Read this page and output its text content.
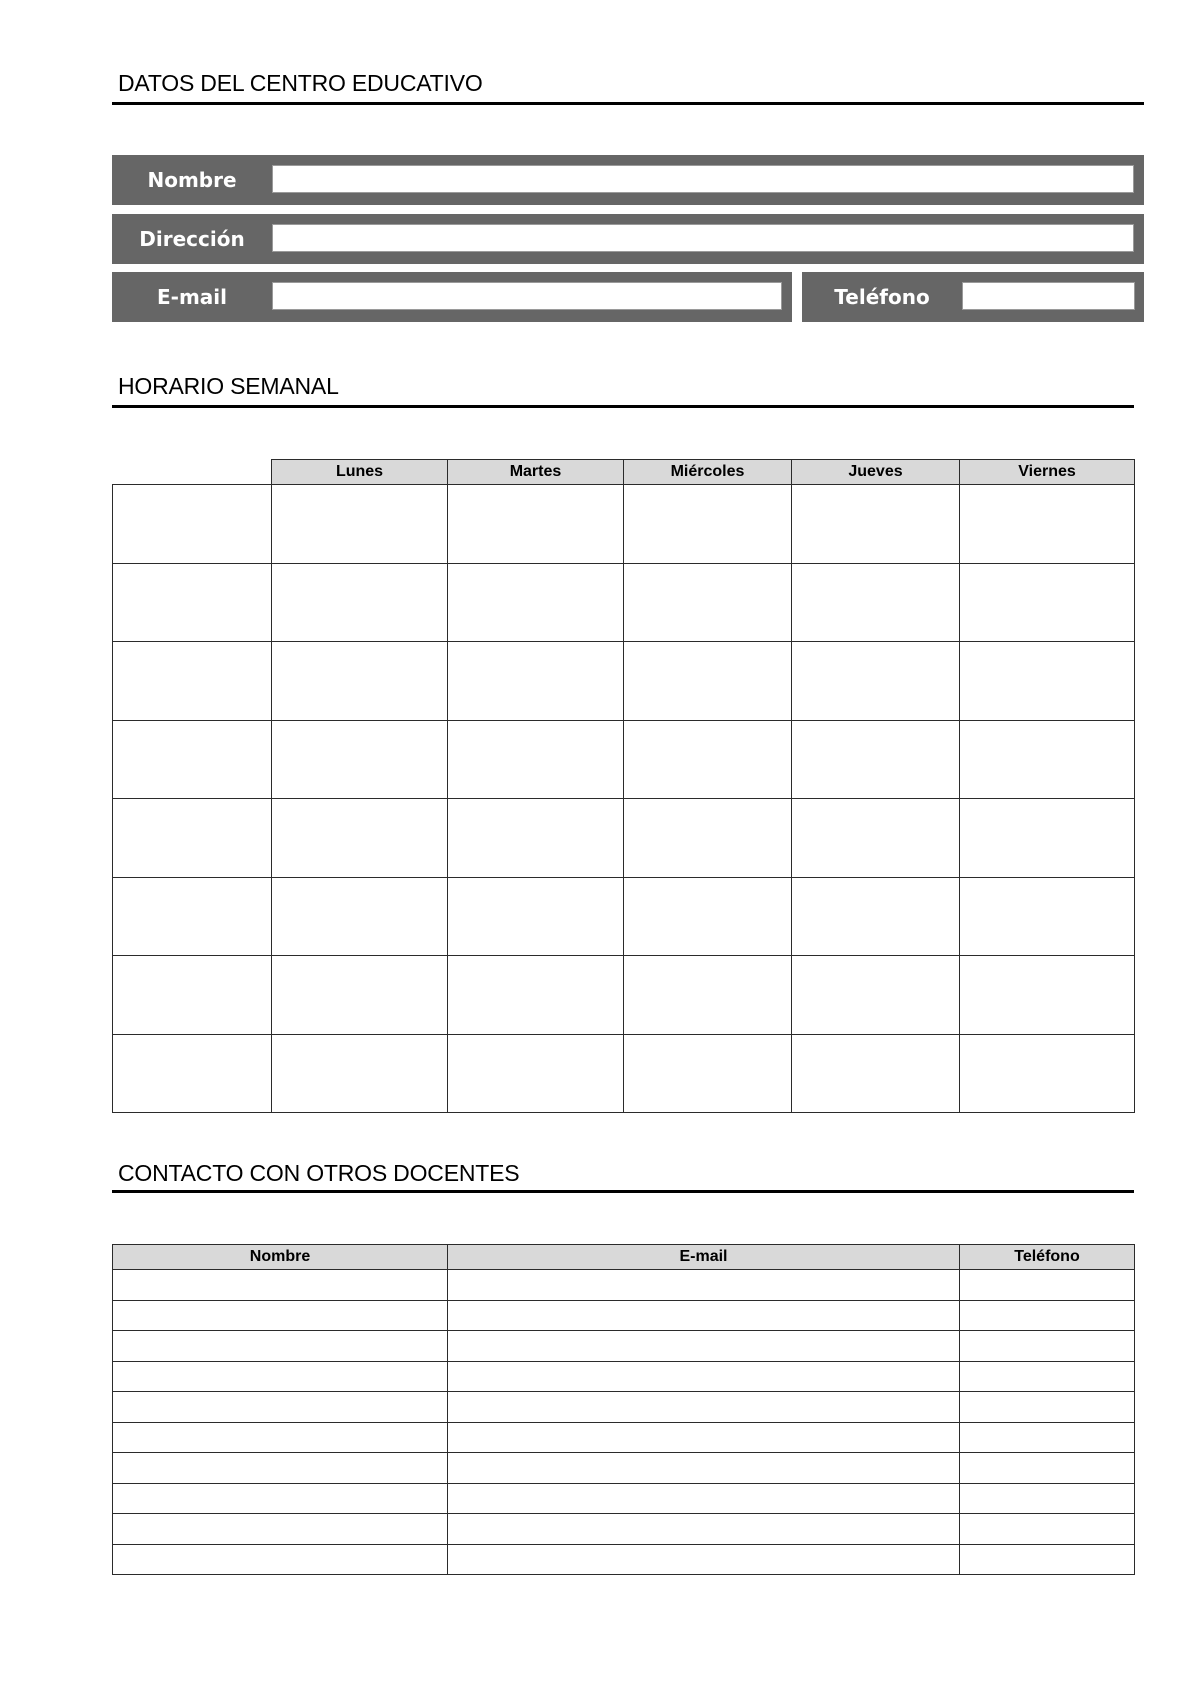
DATOS DEL CENTRO EDUCATIVO
Nombre
Dirección
E-mail	Teléfono
HORARIO SEMANAL
	Lunes	Martes	Miércoles	Jueves	Viernes

CONTACTO CON OTROS DOCENTES
Nombre	E-mail	Teléfono
